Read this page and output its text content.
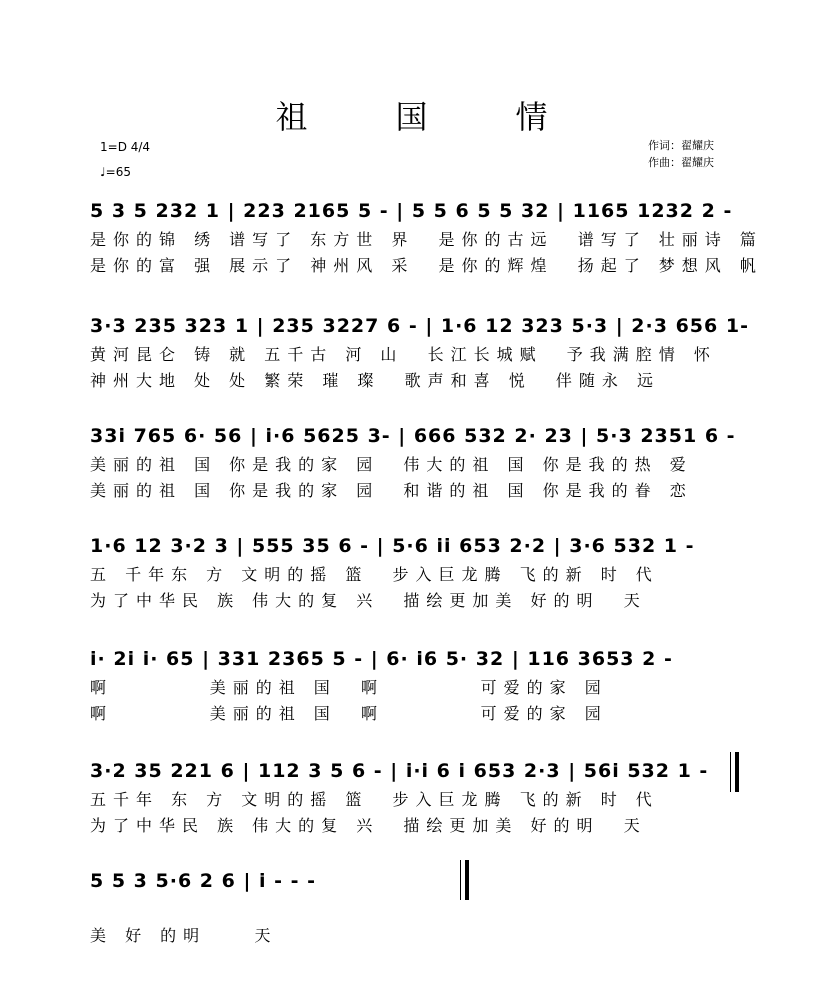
祖　国　情
1=D 4/4
♩=65
作词：翟耀庆
作曲：翟耀庆
5 3 5 232 1 | 223 2165 5 - | 5 5 6 5 5 32 | 1165 1232 2 -
是你的锦 绣 谱写了 东方世 界  是你的古远  谱写了 壮丽诗 篇
是你的富 强 展示了 神州风 采  是你的辉煌  扬起了 梦想风 帆
3·3 235 323 1 | 235 3227 6 - | 1·6 12 323 5·3 | 2·3 656 1-
黄河昆仑 铸 就 五千古 河 山  长江长城赋  予我满腔情 怀
神州大地 处 处 繁荣 璀 璨  歌声和喜 悦  伴随永 远
33i 765 6· 56 | i·6 5625 3- | 666 532 2· 23 | 5·3 2351 6 -
美丽的祖 国 你是我的家 园  伟大的祖 国 你是我的热 爱
美丽的祖 国 你是我的家 园  和谐的祖 国 你是我的眷 恋
1·6 12 3·2 3 | 555 35 6 - | 5·6 ii 653 2·2 | 3·6 532 1 -
五 千年东 方 文明的摇 篮  步入巨龙腾 飞的新 时 代
为了中华民 族 伟大的复 兴  描绘更加美 好的明  天
i· 2i i· 65 | 331 2365 5 - | 6· i6 5· 32 | 116 3653 2 -
啊        美丽的祖 国  啊        可爱的家 园
啊        美丽的祖 国  啊        可爱的家 园
3·2 35 221 6 | 112 3 5 6 - | i·i 6 i 653 2·3 | 56i 532 1 -
五千年 东 方 文明的摇 篮  步入巨龙腾 飞的新 时 代
为了中华民 族 伟大的复 兴  描绘更加美 好的明  天
5 5 3 5·6 2 6 | i - - -
美 好 的明    天
